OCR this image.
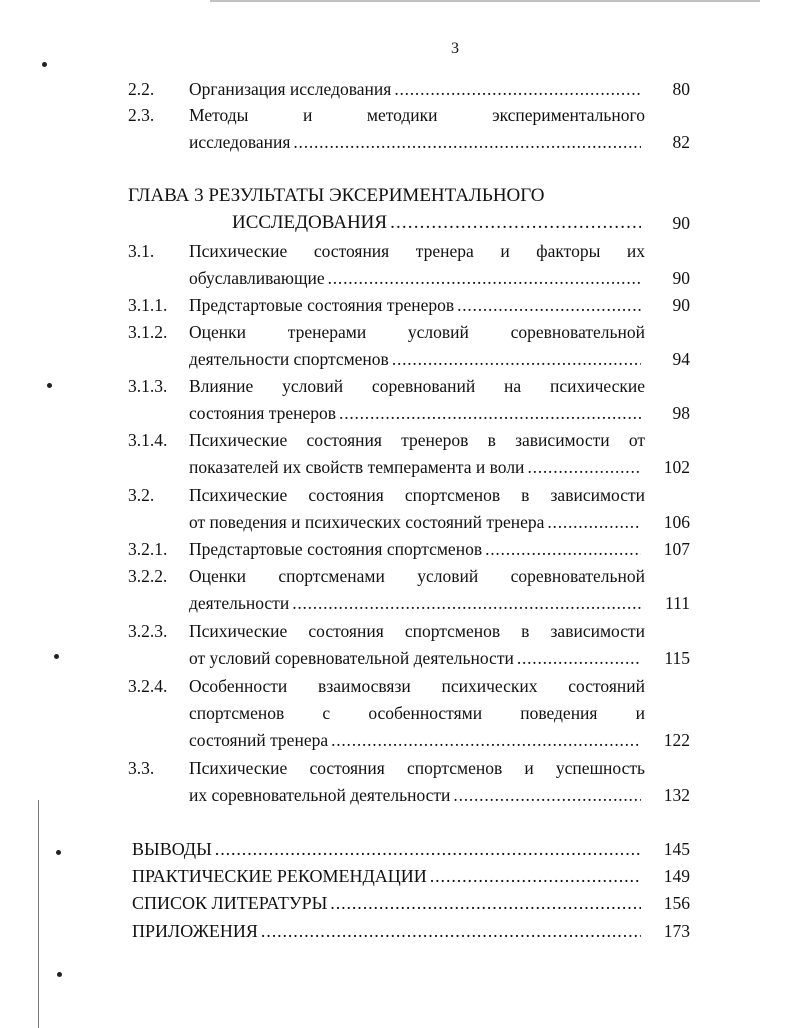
3
2.2. Организация исследования . . .	80
2.3. Методы и методики экспериментального
исследования . . .	82
ГЛАВА 3 РЕЗУЛЬТАТЫ ЭКСЕРИМЕНТАЛЬНОГО
ИССЛЕДОВАНИЯ . . .	90
3.1. Психические состояния тренера и факторы их
обуславливающие . . .	90
3.1.1. Предстартовые состояния тренеров . . .	90
3.1.2. Оценки тренерами условий соревновательной
деятельности спортсменов . . .	94
3.1.3. Влияние условий соревнований на психические
состояния тренеров . . .	98
3.1.4. Психические состояния тренеров в зависимости от
показателей их свойств темперамента и воли . . .	102
3.2. Психические состояния спортсменов в зависимости
от поведения и психических состояний тренера . . .	106
3.2.1. Предстартовые состояния спортсменов . . .	107
3.2.2. Оценки спортсменами условий соревновательной
деятельности . . .	111
3.2.3. Психические состояния спортсменов в зависимости
от условий соревновательной деятельности . . .	115
3.2.4. Особенности взаимосвязи психических состояний
спортсменов с особенностями поведения и
состояний тренера . . .	122
3.3. Психические состояния спортсменов и успешность
их соревновательной деятельности . . .	132
ВЫВОДЫ . . .	145
ПРАКТИЧЕСКИЕ РЕКОМЕНДАЦИИ . . .	149
СПИСОК ЛИТЕРАТУРЫ . . .	156
ПРИЛОЖЕНИЯ . . .	173
